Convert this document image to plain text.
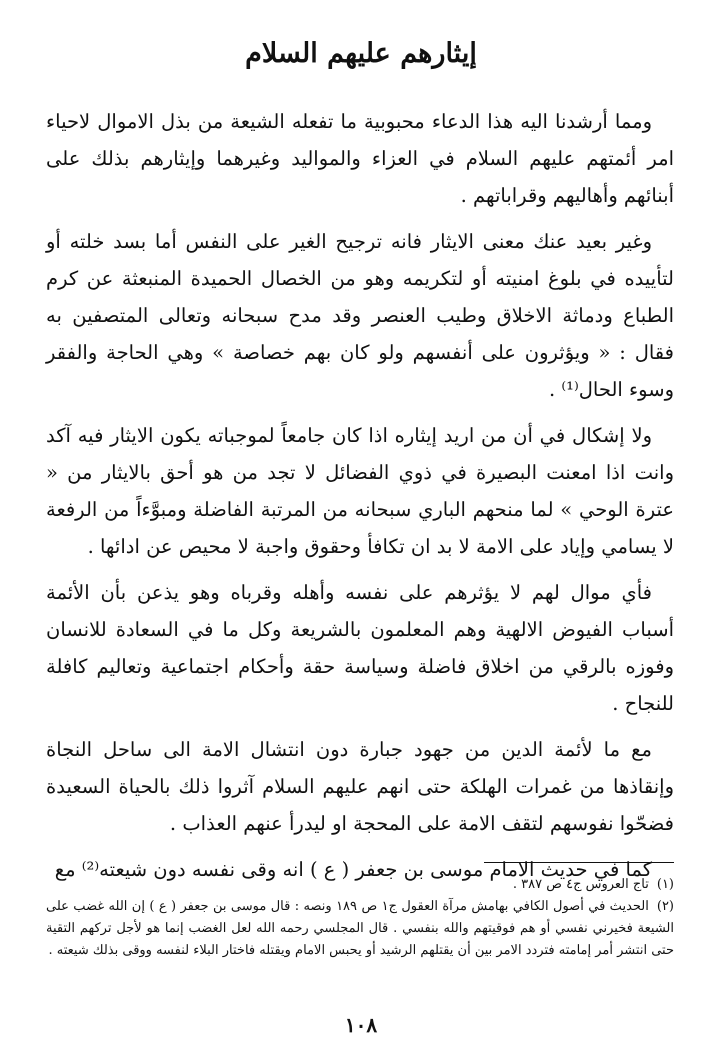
إيثارهم عليهم السلام

ومما أرشدنا اليه هذا الدعاء محبوبية ما تفعله الشيعة من بذل الاموال لاحياء امر أئمتهم عليهم السلام في العزاء والمواليد وغيرهما وإيثارهم بذلك على أبنائهم وأهاليهم وقراباتهم .

وغير بعيد عنك معنى الايثار فانه ترجيح الغير على النفس أما بسد خلته أو لتأييده في بلوغ امنيته أو لتكريمه وهو من الخصال الحميدة المنبعثة عن كرم الطباع ودماثة الاخلاق وطيب العنصر وقد مدح سبحانه وتعالى المتصفين به فقال : « ويؤثرون على أنفسهم ولو كان بهم خصاصة » وهي الحاجة والفقر وسوء الحال⁽¹⁾ .

ولا إشكال في أن من اريد إيثاره اذا كان جامعاً لموجباته يكون الايثار فيه آكد وانت اذا امعنت البصيرة في ذوي الفضائل لا تجد من هو أحق بالايثار من « عترة الوحي » لما منحهم الباري سبحانه من المرتبة الفاضلة ومبوَّءاً من الرفعة لا يسامي وإياد على الامة لا بد ان تكافأ وحقوق واجبة لا محيص عن ادائها .

فأي موال لهم لا يؤثرهم على نفسه وأهله وقرباه وهو يذعن بأن الأئمة أسباب الفيوض الالهية وهم المعلمون بالشريعة وكل ما في السعادة للانسان وفوزه بالرقي من اخلاق فاضلة وسياسة حقة وأحكام اجتماعية وتعاليم كافلة للنجاح .

مع ما لأئمة الدين من جهود جبارة دون انتشال الامة الى ساحل النجاة وإنقاذها من غمرات الهلكة حتى انهم عليهم السلام آثروا ذلك بالحياة السعيدة فضحّوا نفوسهم لتقف الامة على المحجة او ليدرأ عنهم العذاب .

كما في حديث الامام موسى بن جعفر ( ع ) انه وقى نفسه دون شيعته⁽²⁾ مع

(١)تاج العروس ج٤ ص ٣٨٧ .

(٢)الحديث في أصول الكافي بهامش مرآة العقول ج١ ص ١٨٩ ونصه : قال موسى بن جعفر ( ع ) إن الله غضب على الشيعة فخيرني نفسي أو هم فوقيتهم والله بنفسي . قال المجلسي رحمه الله لعل الغضب إنما هو لأجل تركهم التقية حتى انتشر أمر إمامته فتردد الامر بين أن يقتلهم الرشيد أو يحبس الامام ويقتله فاختار البلاء لنفسه ووقى بذلك شيعته .

١٠٨
